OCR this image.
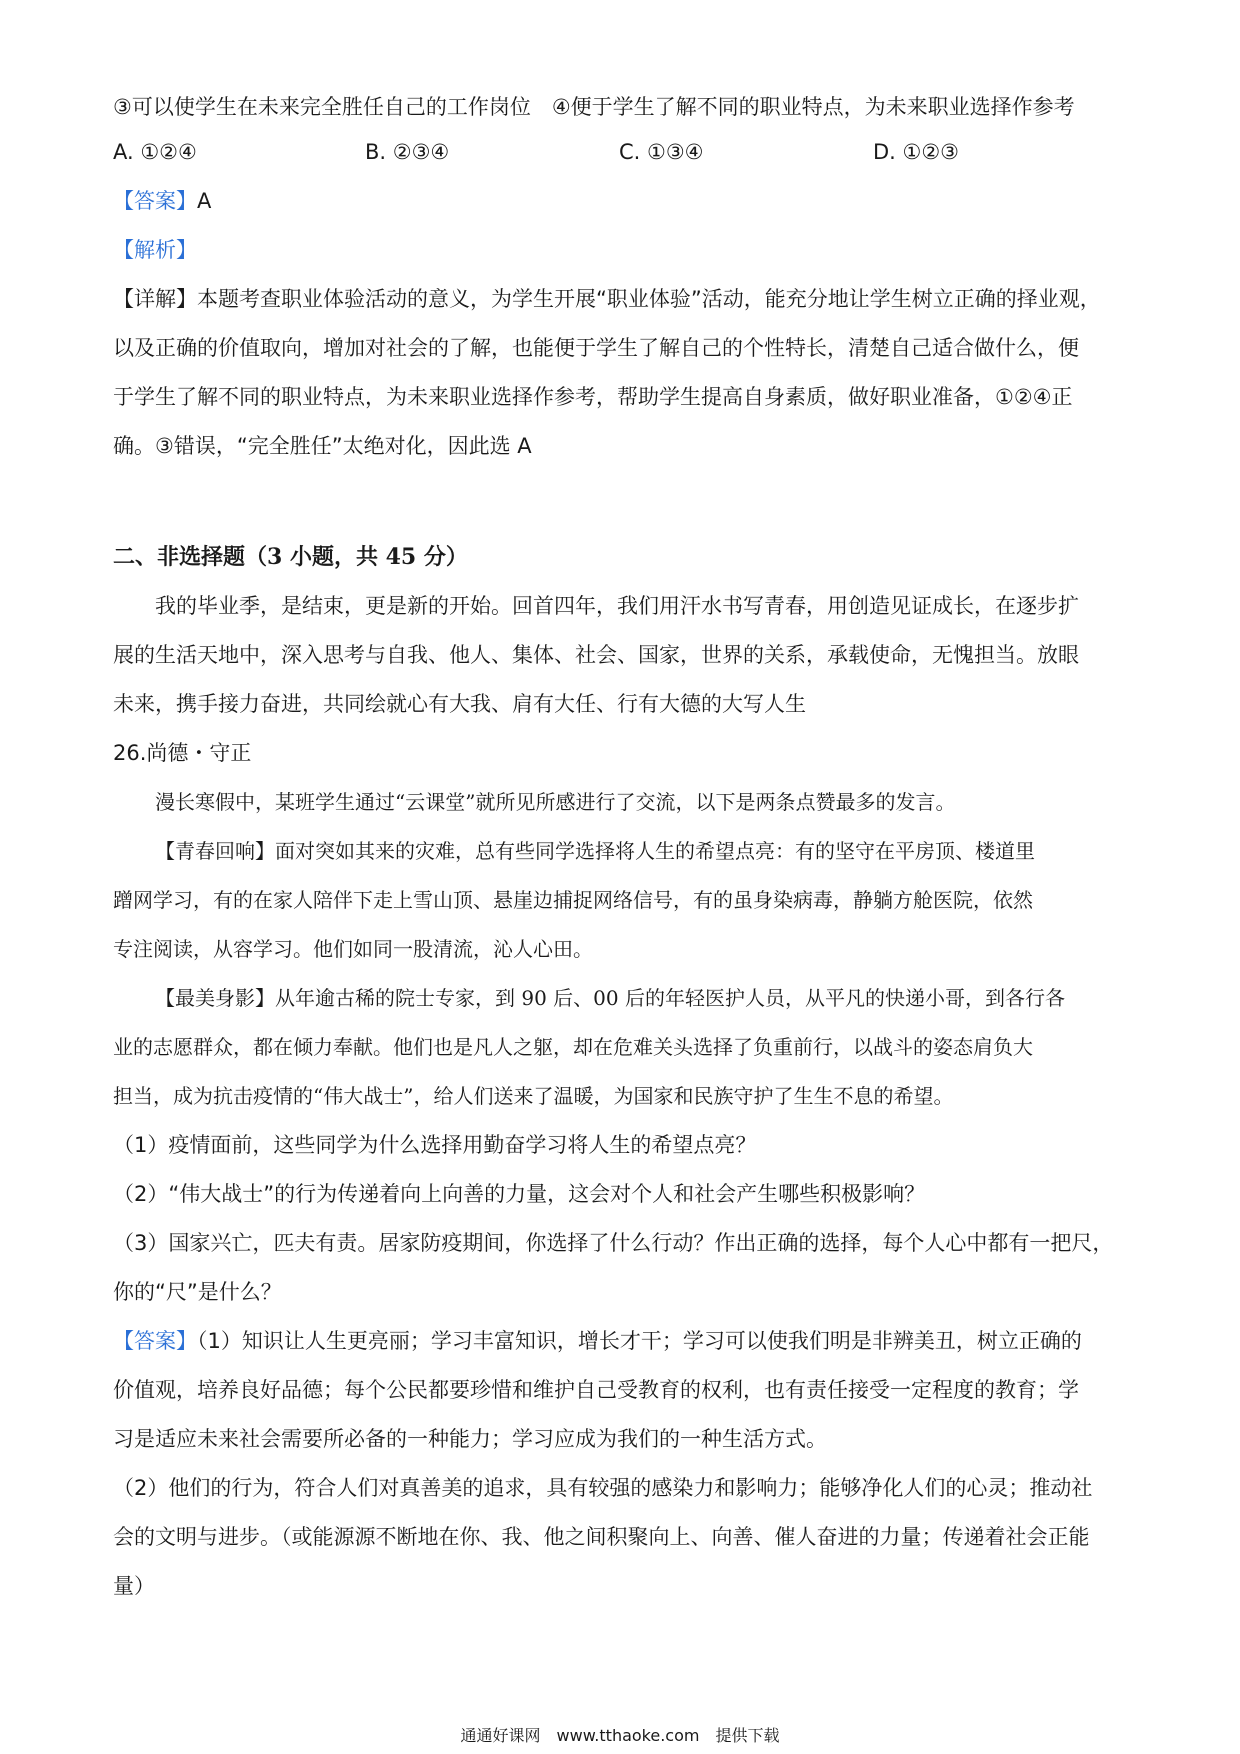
③可以使学生在未来完全胜任自己的工作岗位　④便于学生了解不同的职业特点，为未来职业选择作参考
A. ①②④	B. ②③④	C. ①③④	D. ①②③
【答案】A
【解析】
【详解】本题考查职业体验活动的意义，为学生开展“职业体验”活动，能充分地让学生树立正确的择业观，
以及正确的价值取向，增加对社会的了解，也能便于学生了解自己的个性特长，清楚自己适合做什么，便
于学生了解不同的职业特点，为未来职业选择作参考，帮助学生提高自身素质，做好职业准备，①②④正
确。③错误，“完全胜任”太绝对化，因此选 A
二、非选择题（3 小题，共 45 分）
我的毕业季，是结束，更是新的开始。回首四年，我们用汗水书写青春，用创造见证成长，在逐步扩
展的生活天地中，深入思考与自我、他人、集体、社会、国家，世界的关系，承载使命，无愧担当。放眼
未来，携手接力奋进，共同绘就心有大我、肩有大任、行有大德的大写人生
26.尚德・守正
漫长寒假中，某班学生通过“云课堂”就所见所感进行了交流，以下是两条点赞最多的发言。
【青春回响】面对突如其来的灾难，总有些同学选择将人生的希望点亮：有的坚守在平房顶、楼道里
蹭网学习，有的在家人陪伴下走上雪山顶、悬崖边捕捉网络信号，有的虽身染病毒，静躺方舱医院，依然
专注阅读，从容学习。他们如同一股清流，沁人心田。
【最美身影】从年逾古稀的院士专家，到 90 后、00 后的年轻医护人员，从平凡的快递小哥，到各行各
业的志愿群众，都在倾力奉献。他们也是凡人之躯，却在危难关头选择了负重前行，以战斗的姿态肩负大
担当，成为抗击疫情的“伟大战士”，给人们送来了温暖，为国家和民族守护了生生不息的希望。
（1）疫情面前，这些同学为什么选择用勤奋学习将人生的希望点亮？
（2）“伟大战士”的行为传递着向上向善的力量，这会对个人和社会产生哪些积极影响？
（3）国家兴亡，匹夫有责。居家防疫期间，你选择了什么行动？作出正确的选择，每个人心中都有一把尺，
你的“尺”是什么？
【答案】（1）知识让人生更亮丽；学习丰富知识，增长才干；学习可以使我们明是非辨美丑，树立正确的
价值观，培养良好品德；每个公民都要珍惜和维护自己受教育的权利，也有责任接受一定程度的教育；学
习是适应未来社会需要所必备的一种能力；学习应成为我们的一种生活方式。
（2）他们的行为，符合人们对真善美的追求，具有较强的感染力和影响力；能够净化人们的心灵；推动社
会的文明与进步。（或能源源不断地在你、我、他之间积聚向上、向善、催人奋进的力量；传递着社会正能
量）
通通好课网　www.tthaoke.com　提供下载
